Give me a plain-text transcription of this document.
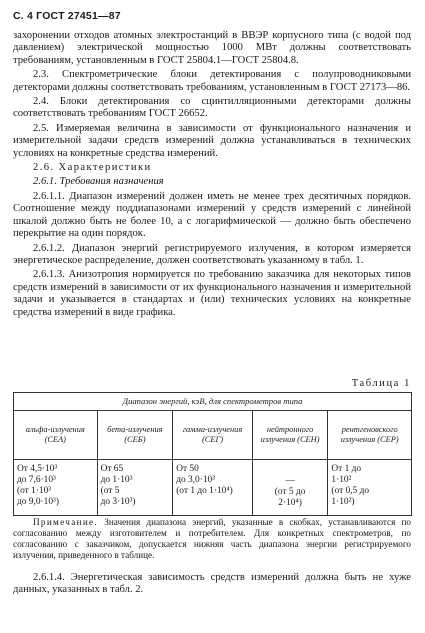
С. 4 ГОСТ 27451—87

захоронении отходов атомных электростанций в ВВЭР корпусного типа (с водой под давлением) электрической мощностью 1000 МВт должны соответствовать требованиям, установленным в ГОСТ 25804.1—ГОСТ 25804.8.

2.3. Спектрометрические блоки детектирования с полупроводниковыми детекторами должны соответствовать требованиям, установленным в ГОСТ 27173—86.

2.4. Блоки детектирования со сцинтилляционными детекторами должны соответствовать требованиям ГОСТ 26652.

2.5. Измеряемая величина в зависимости от функционального назначения и измерительной задачи средств измерений должна устанавливаться в технических условиях на конкретные средства измерений.

2.6. Характеристики

2.6.1. Требования назначения

2.6.1.1. Диапазон измерений должен иметь не менее трех десятичных порядков. Соотношение между поддиапазонами измерений у средств измерений с линейной шкалой должно быть не более 10, а с логарифмической — должно быть обеспечено перекрытие на один порядок.

2.6.1.2. Диапазон энергий регистрируемого излучения, в котором измеряется энергетическое распределение, должен соответствовать указанному в табл. 1.

2.6.1.3. Анизотропия нормируется по требованию заказчика для некоторых типов средств измерений в зависимости от их функционального назначения и измерительной задачи и указывается в стандартах и (или) технических условиях на конкретные средства измерений в виде графика.

Таблица 1
Диапазон энергий, кэВ, для спектрометров типа				
альфа-излучения (СЕА)	бета-излучения (СЕБ)	гамма-излучения (СЕГ)	нейтронного излучения (СЕН)	рентгеновского излучения (СЕР)

От 4,5·10³
до 7,6·10³
(от 1·10³
до 9,0·10³)	От 65
до 1·10³
(от 5
до 3·10³)	От 50
до 3,0·10³
(от 1 до 1·10⁴)	—
(от 5 до
2·10⁴)	От 1 до
1·10²
(от 0,5 до
1·10²)
Примечание. Значения диапазона энергий, указанные в скобках, устанавливаются по согласованию между изготовителем и потребителем. Для конкретных спектрометров, по согласованию с заказчиком, допускается нижняя часть диапазона энергии регистрируемого излучения, приведенного в таблице.

2.6.1.4. Энергетическая зависимость средств измерений должна быть не хуже данных, указанных в табл. 2.
